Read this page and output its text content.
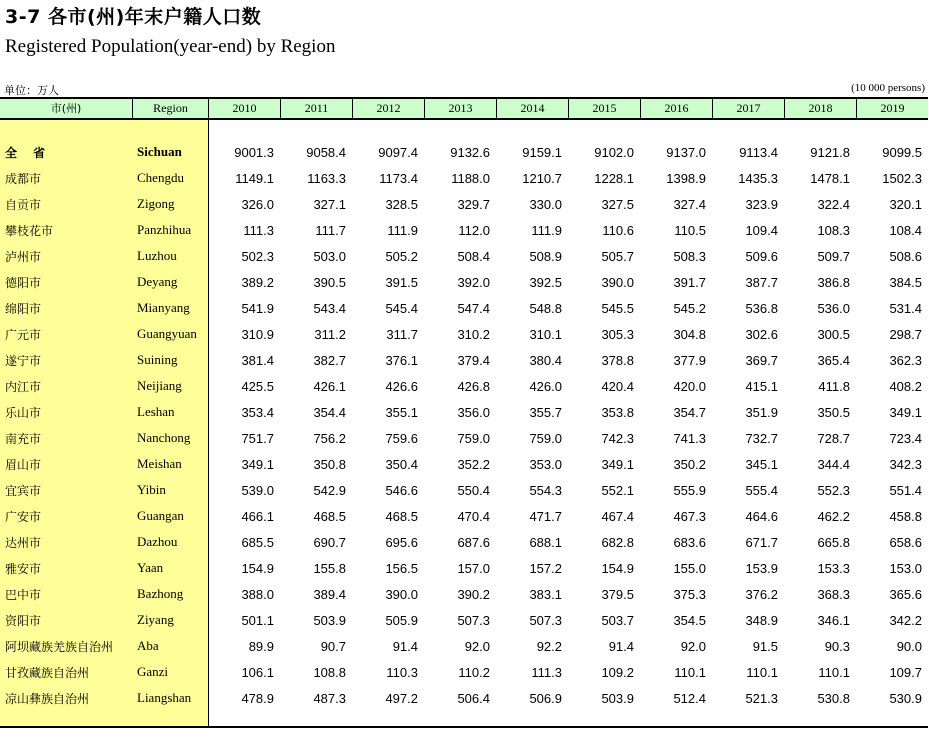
3-7 各市(州)年末户籍人口数
Registered Population(year-end) by Region
单位：万人	(10 000 persons)
市(州)	Region	2010	2011	2012	2013	2014	2015	2016	2017	2018	2019
全 省	Sichuan	9001.3	9058.4	9097.4	9132.6	9159.1	9102.0	9137.0	9113.4	9121.8	9099.5
成都市	Chengdu	1149.1	1163.3	1173.4	1188.0	1210.7	1228.1	1398.9	1435.3	1478.1	1502.3
自贡市	Zigong	326.0	327.1	328.5	329.7	330.0	327.5	327.4	323.9	322.4	320.1
攀枝花市	Panzhihua	111.3	111.7	111.9	112.0	111.9	110.6	110.5	109.4	108.3	108.4
泸州市	Luzhou	502.3	503.0	505.2	508.4	508.9	505.7	508.3	509.6	509.7	508.6
德阳市	Deyang	389.2	390.5	391.5	392.0	392.5	390.0	391.7	387.7	386.8	384.5
绵阳市	Mianyang	541.9	543.4	545.4	547.4	548.8	545.5	545.2	536.8	536.0	531.4
广元市	Guangyuan	310.9	311.2	311.7	310.2	310.1	305.3	304.8	302.6	300.5	298.7
遂宁市	Suining	381.4	382.7	376.1	379.4	380.4	378.8	377.9	369.7	365.4	362.3
内江市	Neijiang	425.5	426.1	426.6	426.8	426.0	420.4	420.0	415.1	411.8	408.2
乐山市	Leshan	353.4	354.4	355.1	356.0	355.7	353.8	354.7	351.9	350.5	349.1
南充市	Nanchong	751.7	756.2	759.6	759.0	759.0	742.3	741.3	732.7	728.7	723.4
眉山市	Meishan	349.1	350.8	350.4	352.2	353.0	349.1	350.2	345.1	344.4	342.3
宜宾市	Yibin	539.0	542.9	546.6	550.4	554.3	552.1	555.9	555.4	552.3	551.4
广安市	Guangan	466.1	468.5	468.5	470.4	471.7	467.4	467.3	464.6	462.2	458.8
达州市	Dazhou	685.5	690.7	695.6	687.6	688.1	682.8	683.6	671.7	665.8	658.6
雅安市	Yaan	154.9	155.8	156.5	157.0	157.2	154.9	155.0	153.9	153.3	153.0
巴中市	Bazhong	388.0	389.4	390.0	390.2	383.1	379.5	375.3	376.2	368.3	365.6
资阳市	Ziyang	501.1	503.9	505.9	507.3	507.3	503.7	354.5	348.9	346.1	342.2
阿坝藏族羌族自治州	Aba	89.9	90.7	91.4	92.0	92.2	91.4	92.0	91.5	90.3	90.0
甘孜藏族自治州	Ganzi	106.1	108.8	110.3	110.2	111.3	109.2	110.1	110.1	110.1	109.7
凉山彝族自治州	Liangshan	478.9	487.3	497.2	506.4	506.9	503.9	512.4	521.3	530.8	530.9
